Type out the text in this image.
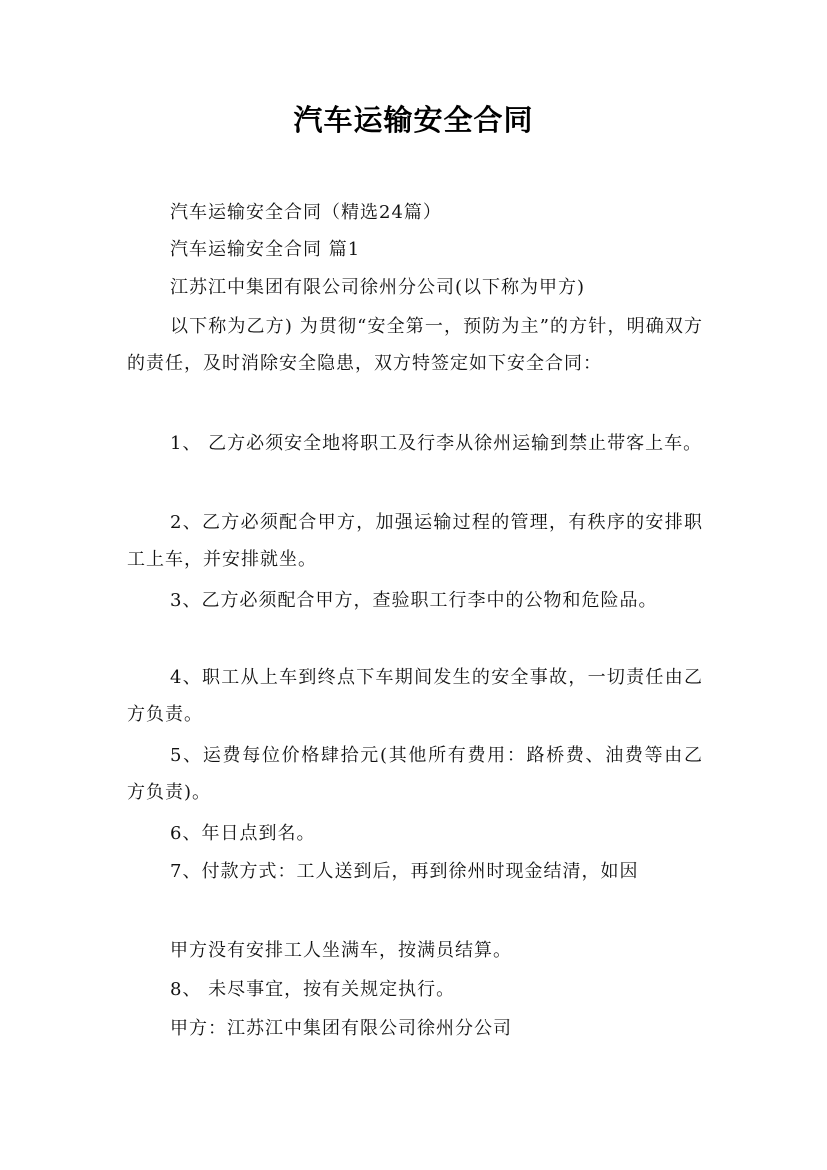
汽车运输安全合同
汽车运输安全合同（精选24篇）
汽车运输安全合同 篇1
江苏江中集团有限公司徐州分公司(以下称为甲方)
以下称为乙方) 为贯彻“安全第一，预防为主”的方针，明确双方的责任，及时消除安全隐患，双方特签定如下安全合同：
1、 乙方必须安全地将职工及行李从徐州运输到禁止带客上车。
2、乙方必须配合甲方，加强运输过程的管理，有秩序的安排职工上车，并安排就坐。
3、乙方必须配合甲方，查验职工行李中的公物和危险品。
4、职工从上车到终点下车期间发生的安全事故，一切责任由乙方负责。
5、运费每位价格肆拾元(其他所有费用：路桥费、油费等由乙方负责)。
6、年日点到名。
7、付款方式：工人送到后，再到徐州时现金结清，如因
甲方没有安排工人坐满车，按满员结算。
8、 未尽事宜，按有关规定执行。
甲方：江苏江中集团有限公司徐州分公司
